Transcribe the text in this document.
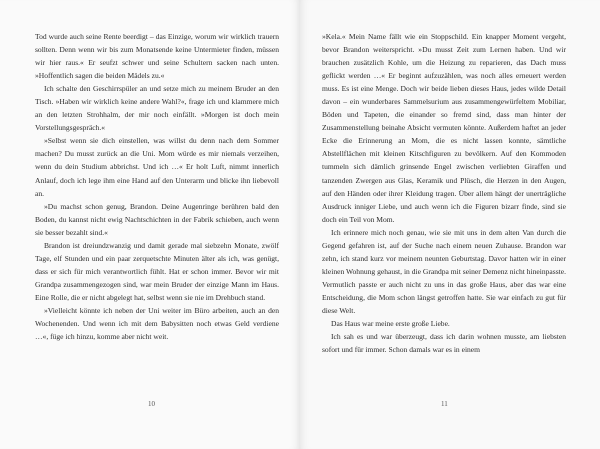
Tod wurde auch seine Rente beerdigt – das Einzige, worum wir wirklich trauern sollten. Denn wenn wir bis zum Monatsende keine Untermieter finden, müssen wir hier raus.« Er seufzt schwer und seine Schultern sacken nach unten. »Hoffentlich sagen die beiden Mädels zu.«

Ich schalte den Geschirrspüler an und setze mich zu meinem Bruder an den Tisch. »Haben wir wirklich keine andere Wahl?«, frage ich und klammere mich an den letzten Strohhalm, der mir noch einfällt. »Morgen ist doch mein Vorstellungsgespräch.«

»Selbst wenn sie dich einstellen, was willst du denn nach dem Sommer machen? Du musst zurück an die Uni. Mom würde es mir niemals verzeihen, wenn du dein Studium abbrichst. Und ich …« Er holt Luft, nimmt innerlich Anlauf, doch ich lege ihm eine Hand auf den Unterarm und blicke ihn liebevoll an.

»Du machst schon genug, Brandon. Deine Augenringe berühren bald den Boden, du kannst nicht ewig Nachtschichten in der Fabrik schieben, auch wenn sie besser bezahlt sind.«

Brandon ist dreiundzwanzig und damit gerade mal siebzehn Monate, zwölf Tage, elf Stunden und ein paar zerquetschte Minuten älter als ich, was genügt, dass er sich für mich verantwortlich fühlt. Hat er schon immer. Bevor wir mit Grandpa zusammengezogen sind, war mein Bruder der einzige Mann im Haus. Eine Rolle, die er nicht abgelegt hat, selbst wenn sie nie im Drehbuch stand.

»Vielleicht könnte ich neben der Uni weiter im Büro arbeiten, auch an den Wochenenden. Und wenn ich mit dem Babysitten noch etwas Geld verdiene …«, füge ich hinzu, komme aber nicht weit.

10

»Kela.« Mein Name fällt wie ein Stoppschild. Ein knapper Moment vergeht, bevor Brandon weiterspricht. »Du musst Zeit zum Lernen haben. Und wir brauchen zusätzlich Kohle, um die Heizung zu reparieren, das Dach muss geflickt werden …« Er beginnt aufzuzählen, was noch alles erneuert werden muss. Es ist eine Menge. Doch wir beide lieben dieses Haus, jedes wilde Detail davon – ein wunderbares Sammelsurium aus zusammengewürfeltem Mobiliar, Böden und Tapeten, die einander so fremd sind, dass man hinter der Zusammenstellung beinahe Absicht vermuten könnte. Außerdem haftet an jeder Ecke die Erinnerung an Mom, die es nicht lassen konnte, sämtliche Abstellflächen mit kleinen Kitschfiguren zu bevölkern. Auf den Kommoden tummeln sich dämlich grinsende Engel zwischen verliebten Giraffen und tanzenden Zwergen aus Glas, Keramik und Plüsch, die Herzen in den Augen, auf den Händen oder ihrer Kleidung tragen. Über allem hängt der unerträgliche Ausdruck inniger Liebe, und auch wenn ich die Figuren bizarr finde, sind sie doch ein Teil von Mom.

Ich erinnere mich noch genau, wie sie mit uns in dem alten Van durch die Gegend gefahren ist, auf der Suche nach einem neuen Zuhause. Brandon war zehn, ich stand kurz vor meinem neunten Geburtstag. Davor hatten wir in einer kleinen Wohnung gehaust, in die Grandpa mit seiner Demenz nicht hineinpasste. Vermutlich passte er auch nicht zu uns in das große Haus, aber das war eine Entscheidung, die Mom schon längst getroffen hatte. Sie war einfach zu gut für diese Welt.

Das Haus war meine erste große Liebe.

Ich sah es und war überzeugt, dass ich darin wohnen musste, am liebsten sofort und für immer. Schon damals war es in einem

11
